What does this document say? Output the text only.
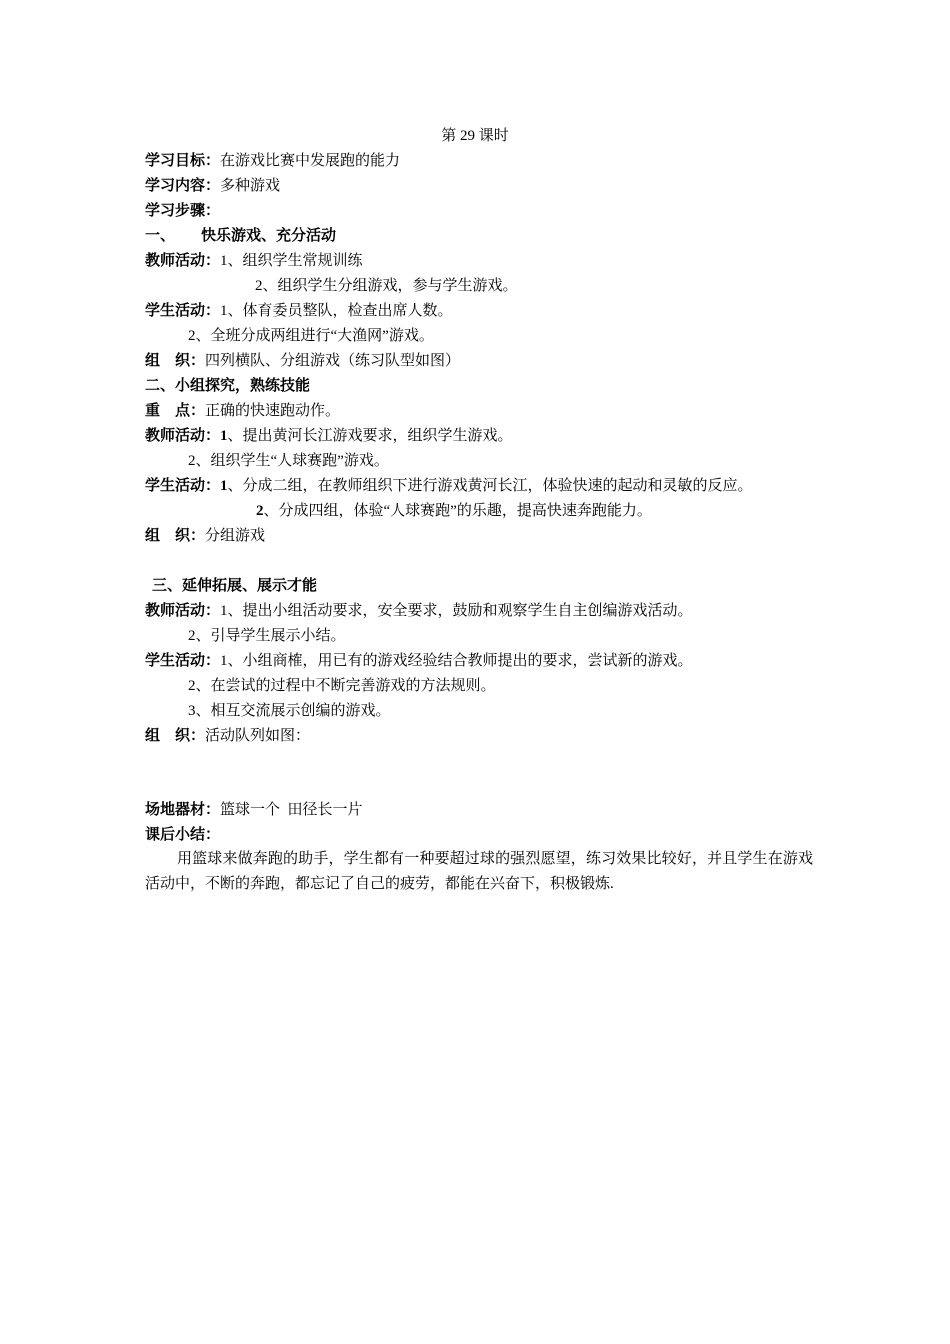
第 29 课时
学习目标：在游戏比赛中发展跑的能力
学习内容：多种游戏
学习步骤：
一、 快乐游戏、充分活动
教师活动：1、组织学生常规训练
2、组织学生分组游戏，参与学生游戏。
学生活动：1、体育委员整队，检查出席人数。
2、全班分成两组进行“大渔网”游戏。
组    织：四列横队、分组游戏（练习队型如图）
二、小组探究，熟练技能
重    点：正确的快速跑动作。
教师活动：1、提出黄河长江游戏要求，组织学生游戏。
2、组织学生“人球赛跑”游戏。
学生活动：1、分成二组，在教师组织下进行游戏黄河长江，体验快速的起动和灵敏的反应。
2、分成四组，体验“人球赛跑”的乐趣，提高快速奔跑能力。
组    织：分组游戏
三、延伸拓展、展示才能
教师活动：1、提出小组活动要求，安全要求，鼓励和观察学生自主创编游戏活动。
2、引导学生展示小结。
学生活动：1、小组商榷，用已有的游戏经验结合教师提出的要求，尝试新的游戏。
2、在尝试的过程中不断完善游戏的方法规则。
3、相互交流展示创编的游戏。
组    织：活动队列如图：
场地器材：篮球一个  田径长一片
课后小结：
用篮球来做奔跑的助手，学生都有一种要超过球的强烈愿望，练习效果比较好，并且学生在游戏活动中，不断的奔跑，都忘记了自己的疲劳，都能在兴奋下，积极锻炼.
